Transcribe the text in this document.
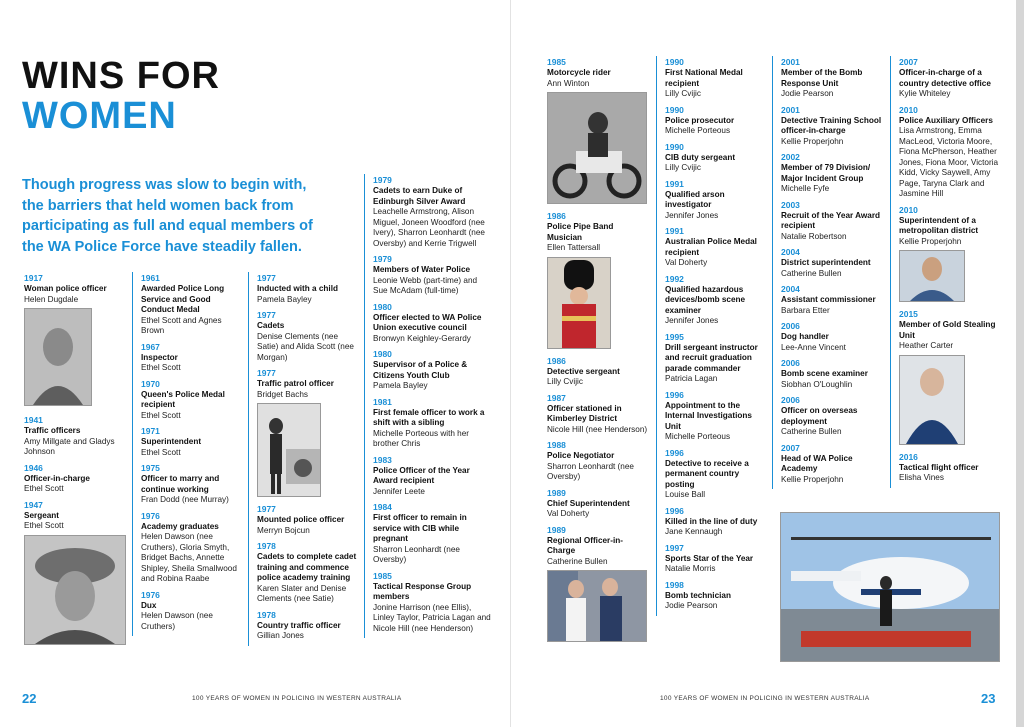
WINS FOR
WOMEN
Though progress was slow to begin with, the barriers that held women back from participating as full and equal members of the WA Police Force have steadily fallen.
1917
Woman police officer
Helen Dugdale
1941
Traffic officers
Amy Millgate and Gladys Johnson
1946
Officer-in-charge
Ethel Scott
1947
Sergeant
Ethel Scott
1961
Awarded Police Long Service and Good Conduct Medal
Ethel Scott and Agnes Brown
1967
Inspector
Ethel Scott
1970
Queen's Police Medal recipient
Ethel Scott
1971
Superintendent
Ethel Scott
1975
Officer to marry and continue working
Fran Dodd (nee Murray)
1976
Academy graduates
Helen Dawson (nee Cruthers), Gloria Smyth, Bridget Bachs, Annette Shipley, Sheila Smallwood and Robina Raabe
1976
Dux
Helen Dawson (nee Cruthers)
1977
Inducted with a child
Pamela Bayley
1977
Cadets
Denise Clements (nee Satie) and Alida Scott (nee Morgan)
1977
Traffic patrol officer
Bridget Bachs
1977
Mounted police officer
Merryn Bojcun
1978
Cadets to complete cadet training and commence police academy training
Karen Slater and Denise Clements (nee Satie)
1978
Country traffic officer
Gillian Jones
1979
Cadets to earn Duke of Edinburgh Silver Award
Leachelle Armstrong, Alison Miguel, Joneen Woodford (nee Ivery), Sharron Leonhardt (nee Oversby) and Kerrie Trigwell
1979
Members of Water Police
Leonie Webb (part-time) and Sue McAdam (full-time)
1980
Officer elected to WA Police Union executive council
Bronwyn Keighley-Gerardy
1980
Supervisor of a Police & Citizens Youth Club
Pamela Bayley
1981
First female officer to work a shift with a sibling
Michelle Porteous with her brother Chris
1983
Police Officer of the Year Award recipient
Jennifer Leete
1984
First officer to remain in service with CIB while pregnant
Sharron Leonhardt (nee Oversby)
1985
Tactical Response Group members
Jonine Harrison (nee Ellis), Linley Taylor, Patricia Lagan and Nicole Hill (nee Henderson)
1985
Motorcycle rider
Ann Winton
1986
Police Pipe Band Musician
Ellen Tattersall
1986
Detective sergeant
Lilly Cvijic
1987
Officer stationed in Kimberley District
Nicole Hill (nee Henderson)
1988
Police Negotiator
Sharron Leonhardt (nee Oversby)
1989
Chief Superintendent
Val Doherty
1989
Regional Officer-in-Charge
Catherine Bullen
1990
First National Medal recipient
Lilly Cvijic
1990
Police prosecutor
Michelle Porteous
1990
CIB duty sergeant
Lilly Cvijic
1991
Qualified arson investigator
Jennifer Jones
1991
Australian Police Medal recipient
Val Doherty
1992
Qualified hazardous devices/bomb scene examiner
Jennifer Jones
1995
Drill sergeant instructor and recruit graduation parade commander
Patricia Lagan
1996
Appointment to the Internal Investigations Unit
Michelle Porteous
1996
Detective to receive a permanent country posting
Louise Ball
1996
Killed in the line of duty
Jane Kennaugh
1997
Sports Star of the Year
Natalie Morris
1998
Bomb technician
Jodie Pearson
2001
Member of the Bomb Response Unit
Jodie Pearson
2001
Detective Training School officer-in-charge
Kellie Properjohn
2002
Member of 79 Division/ Major Incident Group
Michelle Fyfe
2003
Recruit of the Year Award recipient
Natalie Robertson
2004
District superintendent
Catherine Bullen
2004
Assistant commissioner
Barbara Etter
2006
Dog handler
Lee-Anne Vincent
2006
Bomb scene examiner
Siobhan O'Loughlin
2006
Officer on overseas deployment
Catherine Bullen
2007
Head of WA Police Academy
Kellie Properjohn
2007
Officer-in-charge of a country detective office
Kylie Whiteley
2010
Police Auxiliary Officers
Lisa Armstrong, Emma MacLeod, Victoria Moore, Fiona McPherson, Heather Jones, Fiona Moor, Victoria Kidd, Vicky Saywell, Amy Page, Taryna Clark and Jasmine Hill
2010
Superintendent of a metropolitan district
Kellie Properjohn
2015
Member of Gold Stealing Unit
Heather Carter
2016
Tactical flight officer
Elisha Vines
22	100 YEARS OF WOMEN IN POLICING IN WESTERN AUSTRALIA	100 YEARS OF WOMEN IN POLICING IN WESTERN AUSTRALIA	23
